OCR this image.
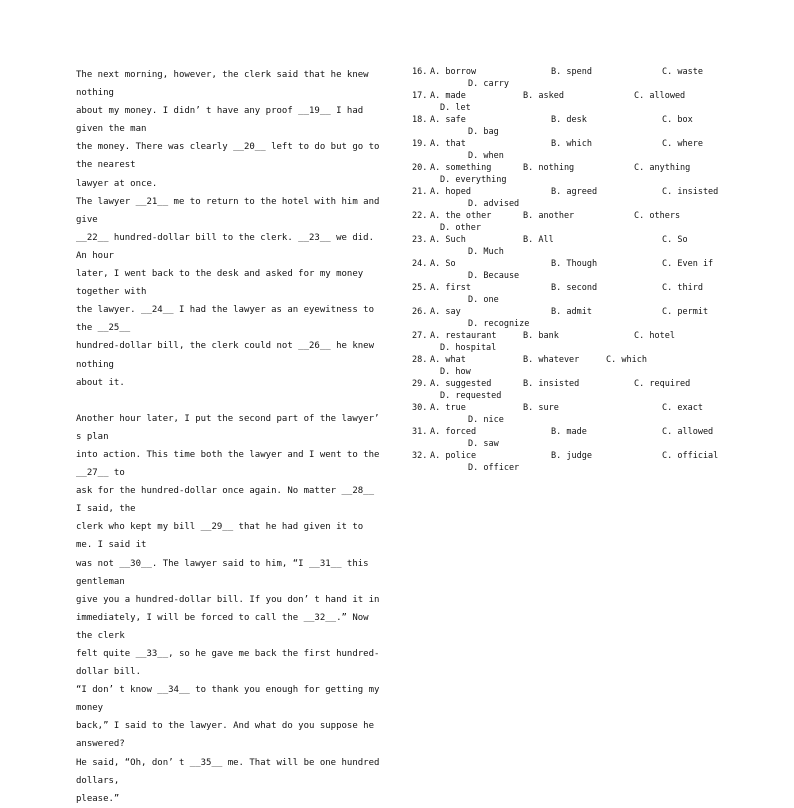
The next morning, however, the clerk said that he knew nothing
about my money. I didn’ t have any proof __19__ I had given the man
the money. There was clearly __20__ left to do but go to the nearest
lawyer at once.

The lawyer __21__ me to return to the hotel with him and give
__22__ hundred-dollar bill to the clerk. __23__ we did. An hour
later, I went back to the desk and asked for my money together with
the lawyer. __24__ I had the lawyer as an eyewitness to the __25__
hundred-dollar bill, the clerk could not __26__ he knew nothing
about it.

Another hour later, I put the second part of the lawyer’ s plan
into action. This time both the lawyer and I went to the __27__ to
ask for the hundred-dollar once again. No matter __28__ I said, the
clerk who kept my bill __29__ that he had given it to me. I said it
was not __30__. The lawyer said to him, “I __31__ this gentleman
give you a hundred-dollar bill. If you don’ t hand it in
immediately, I will be forced to call the __32__.” Now the clerk
felt quite __33__, so he gave me back the first hundred-dollar bill.
“I don’ t know __34__ to thank you enough for getting my money
back,” I said to the lawyer. And what do you suppose he answered?
He said, “Oh, don’ t __35__ me. That will be one hundred dollars,
please.”

16. A. borrow	B. spend	C. waste
D. carry
17. A. made	B. asked	C. allowed
D. let
18. A. safe	B. desk	C. box
D. bag
19. A. that	B. which	C. where
D. when
20. A. something	B. nothing	C. anything
D. everything
21. A. hoped	B. agreed	C. insisted
D. advised
22. A. the other	B. another	C. others
D. other
23. A. Such	B. All	C. So
D. Much
24. A. So	B. Though	C. Even if
D. Because
25. A. first	B. second	C. third
D. one
26. A. say	B. admit	C. permit
D. recognize
27. A. restaurant	B. bank	C. hotel
D. hospital
28. A. what	B. whatever	C. which
D. how
29. A. suggested	B. insisted	C. required
D. requested
30. A. true	B. sure	C. exact
D. nice
31. A. forced	B. made	C. allowed
D. saw
32. A. police	B. judge	C. official
D. officer
